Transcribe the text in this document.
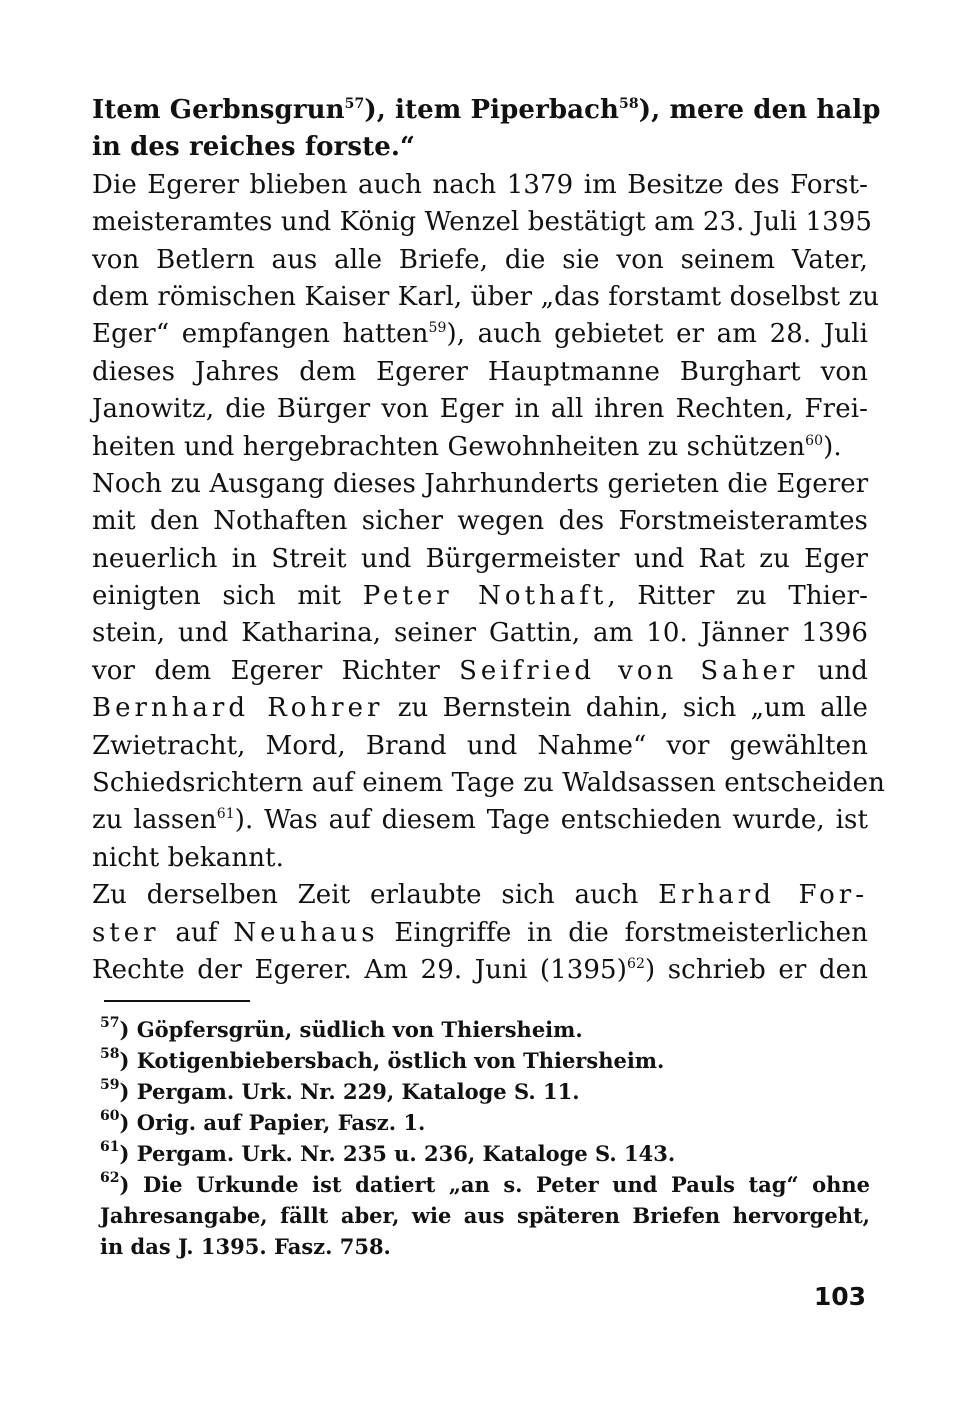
Item Gerbnsgrun$^{57}$), item Piperbach$^{58}$), mere den halp
in des reiches forste.“
Die Egerer blieben auch nach 1379 im Besitze des Forst-
meisteramtes und König Wenzel bestätigt am 23. Juli 1395
von Betlern aus alle Briefe, die sie von seinem Vater,
dem römischen Kaiser Karl, über „das forstamt doselbst zu
Eger“ empfangen hatten$^{59}$), auch gebietet er am 28. Juli
dieses Jahres dem Egerer Hauptmanne Burghart von
Janowitz, die Bürger von Eger in all ihren Rechten, Frei-
heiten und hergebrachten Gewohnheiten zu schützen$^{60}$).
Noch zu Ausgang dieses Jahrhunderts gerieten die Egerer
mit den Nothaften sicher wegen des Forstmeisteramtes
neuerlich in Streit und Bürgermeister und Rat zu Eger
einigten sich mit Peter Nothaft, Ritter zu Thier-
stein, und Katharina, seiner Gattin, am 10. Jänner 1396
vor dem Egerer Richter Seifried von Saher und
Bernhard Rohrer zu Bernstein dahin, sich „um alle
Zwietracht, Mord, Brand und Nahme“ vor gewählten
Schiedsrichtern auf einem Tage zu Waldsassen entscheiden
zu lassen$^{61}$). Was auf diesem Tage entschieden wurde, ist
nicht bekannt.
Zu derselben Zeit erlaubte sich auch Erhard For-
ster auf Neuhaus Eingriffe in die forstmeisterlichen
Rechte der Egerer. Am 29. Juni $(1395)^{62}$) schrieb er den
$^{57}$) Göpfersgrün, südlich von Thiersheim.
$^{58}$) Kotigenbiebersbach, östlich von Thiersheim.
$^{59}$) Pergam. Urk. Nr. 229, Kataloge S. 11.
$^{60}$) Orig. auf Papier, Fasz. 1.
$^{61}$) Pergam. Urk. Nr. 235 u. 236, Kataloge S. 143.
$^{62}$) Die Urkunde ist datiert „an s. Peter und Pauls tag“ ohne
Jahresangabe, fällt aber, wie aus späteren Briefen hervorgeht,
in das J. 1395. Fasz. 758.
103
